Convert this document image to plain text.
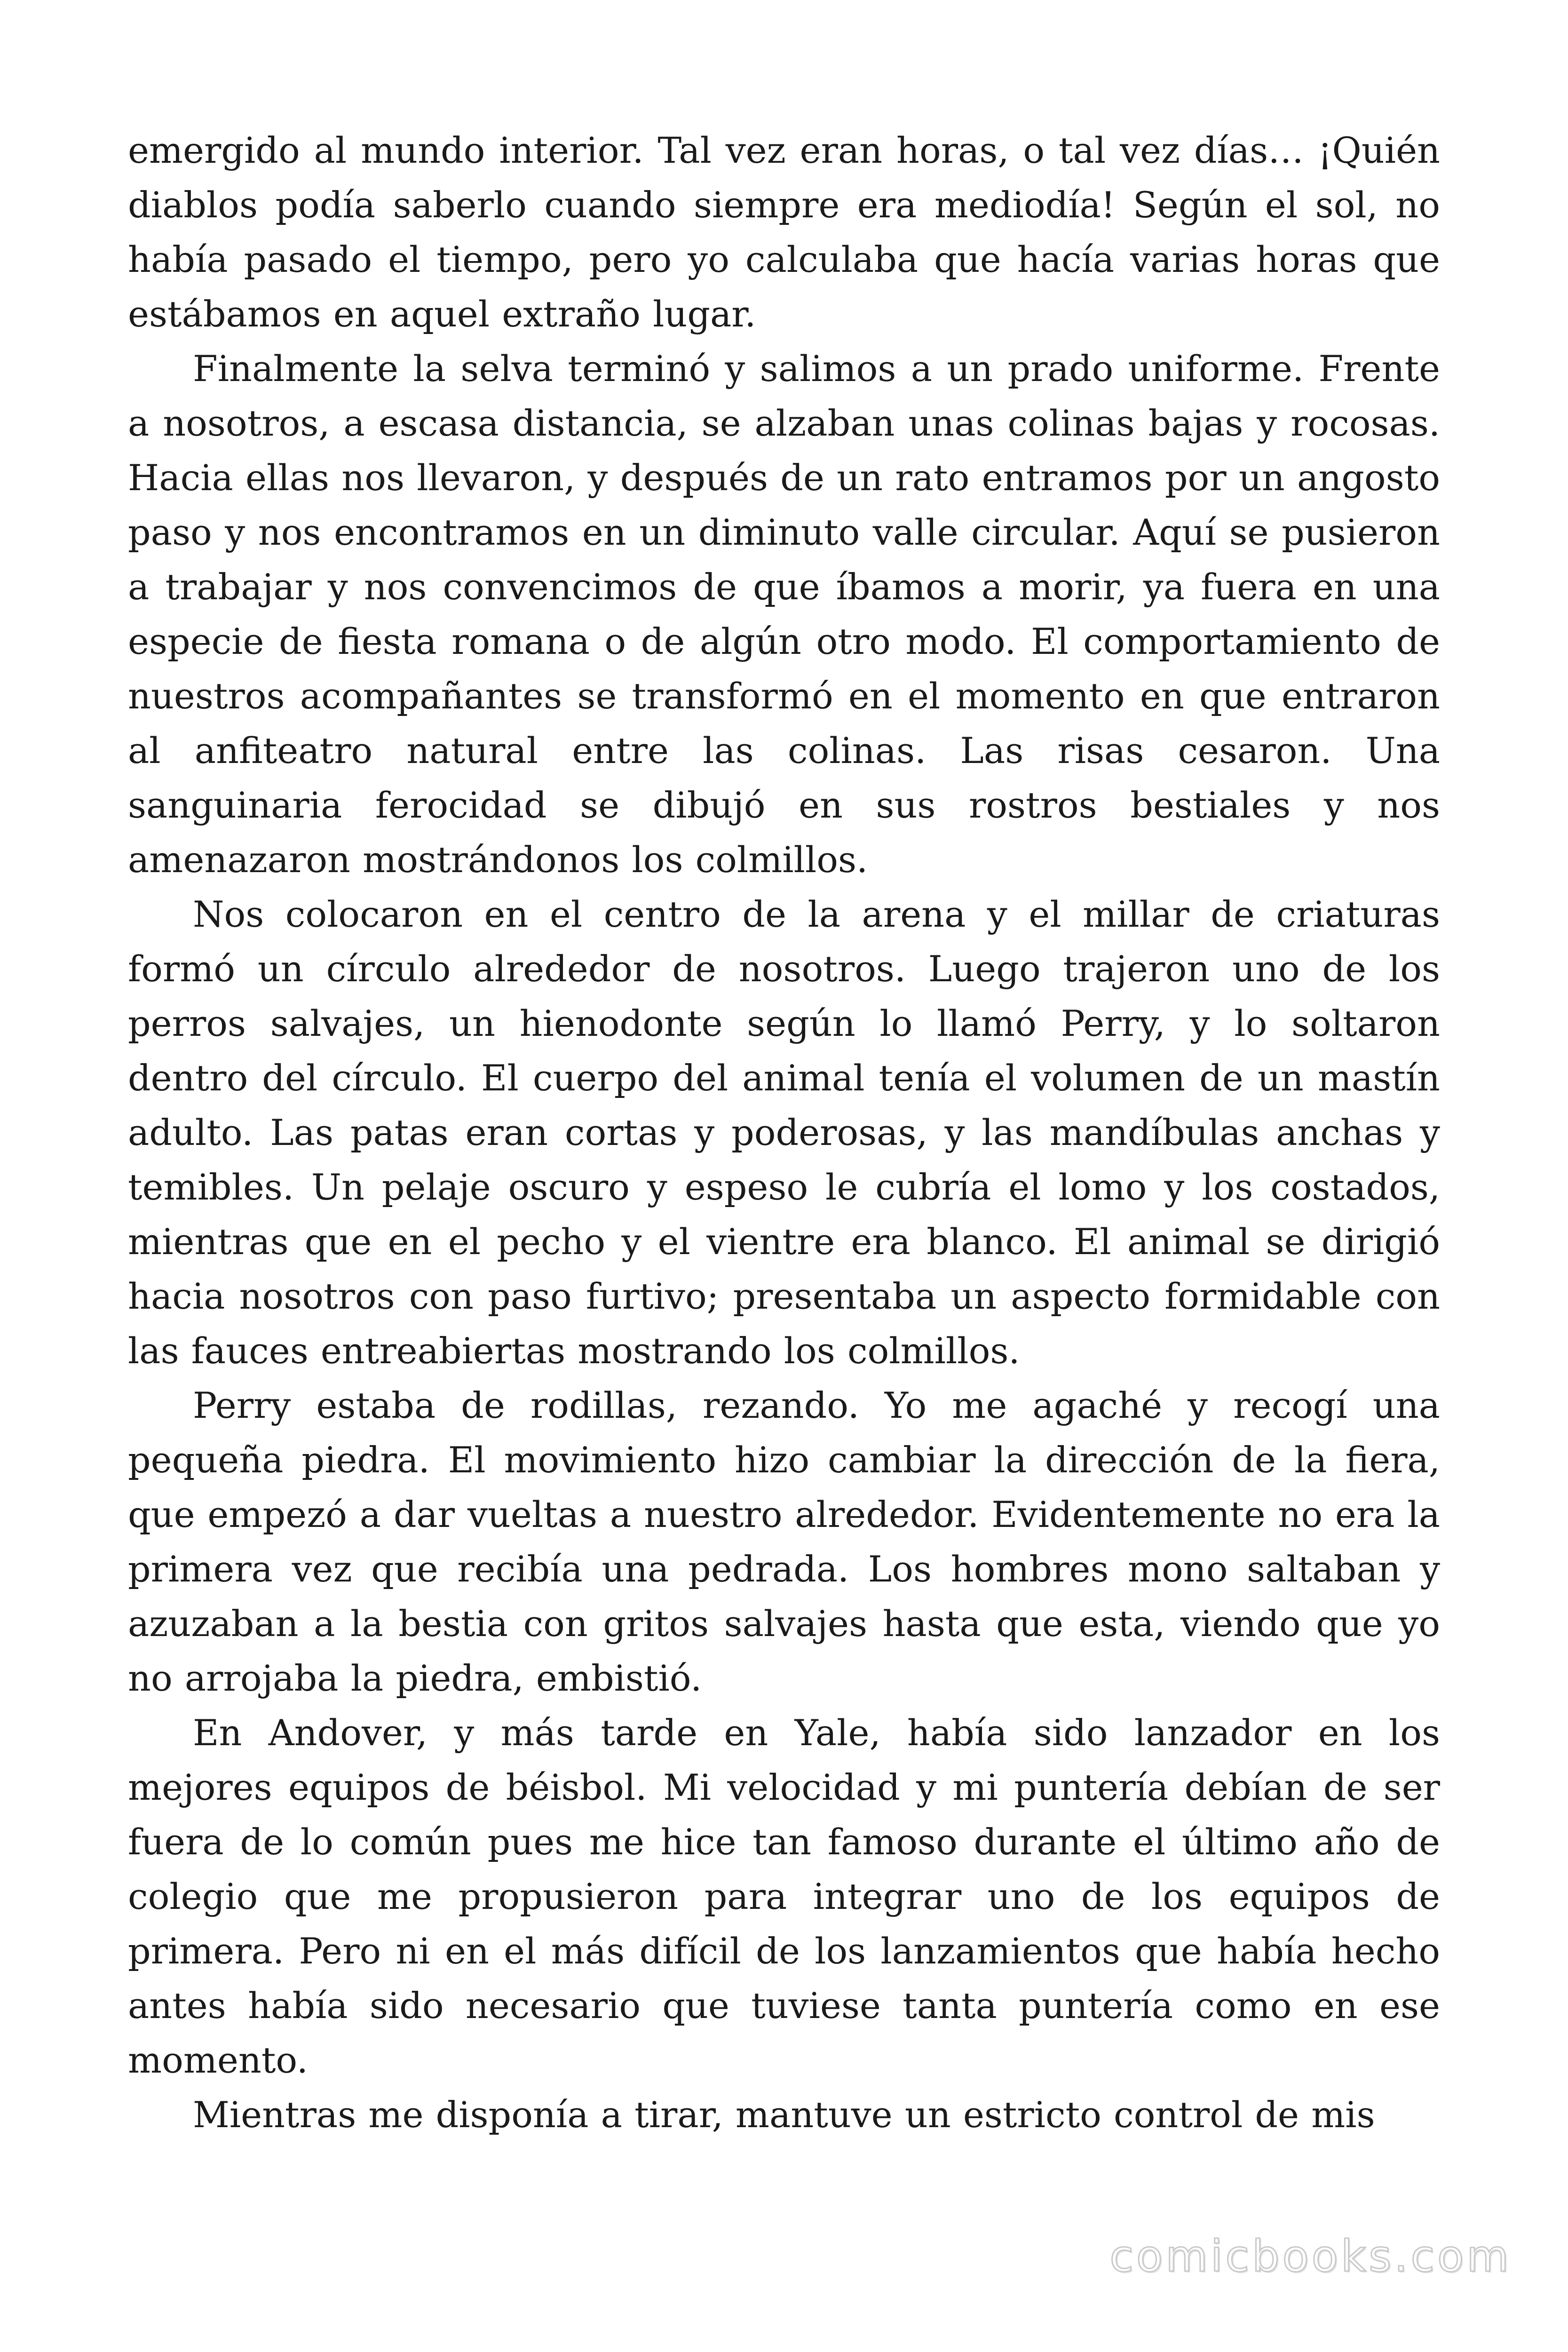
emergido al mundo interior. Tal vez eran horas, o tal vez días… ¡Quién diablos podía saberlo cuando siempre era mediodía! Según el sol, no había pasado el tiempo, pero yo calculaba que hacía varias horas que estábamos en aquel extraño lugar.

Finalmente la selva terminó y salimos a un prado uniforme. Frente a nosotros, a escasa distancia, se alzaban unas colinas bajas y rocosas. Hacia ellas nos llevaron, y después de un rato entramos por un angosto paso y nos encontramos en un diminuto valle circular. Aquí se pusieron a trabajar y nos convencimos de que íbamos a morir, ya fuera en una especie de fiesta romana o de algún otro modo. El comportamiento de nuestros acompañantes se transformó en el momento en que entraron al anfiteatro natural entre las colinas. Las risas cesaron. Una sanguinaria ferocidad se dibujó en sus rostros bestiales y nos amenazaron mostrándonos los colmillos.

Nos colocaron en el centro de la arena y el millar de criaturas formó un círculo alrededor de nosotros. Luego trajeron uno de los perros salvajes, un hienodonte según lo llamó Perry, y lo soltaron dentro del círculo. El cuerpo del animal tenía el volumen de un mastín adulto. Las patas eran cortas y poderosas, y las mandíbulas anchas y temibles. Un pelaje oscuro y espeso le cubría el lomo y los costados, mientras que en el pecho y el vientre era blanco. El animal se dirigió hacia nosotros con paso furtivo; presentaba un aspecto formidable con las fauces entreabiertas mostrando los colmillos.

Perry estaba de rodillas, rezando. Yo me agaché y recogí una pequeña piedra. El movimiento hizo cambiar la dirección de la fiera, que empezó a dar vueltas a nuestro alrededor. Evidentemente no era la primera vez que recibía una pedrada. Los hombres mono saltaban y azuzaban a la bestia con gritos salvajes hasta que esta, viendo que yo no arrojaba la piedra, embistió.

En Andover, y más tarde en Yale, había sido lanzador en los mejores equipos de béisbol. Mi velocidad y mi puntería debían de ser fuera de lo común pues me hice tan famoso durante el último año de colegio que me propusieron para integrar uno de los equipos de primera. Pero ni en el más difícil de los lanzamientos que había hecho antes había sido necesario que tuviese tanta puntería como en ese momento.

Mientras me disponía a tirar, mantuve un estricto control de mis

comicbooks.com
